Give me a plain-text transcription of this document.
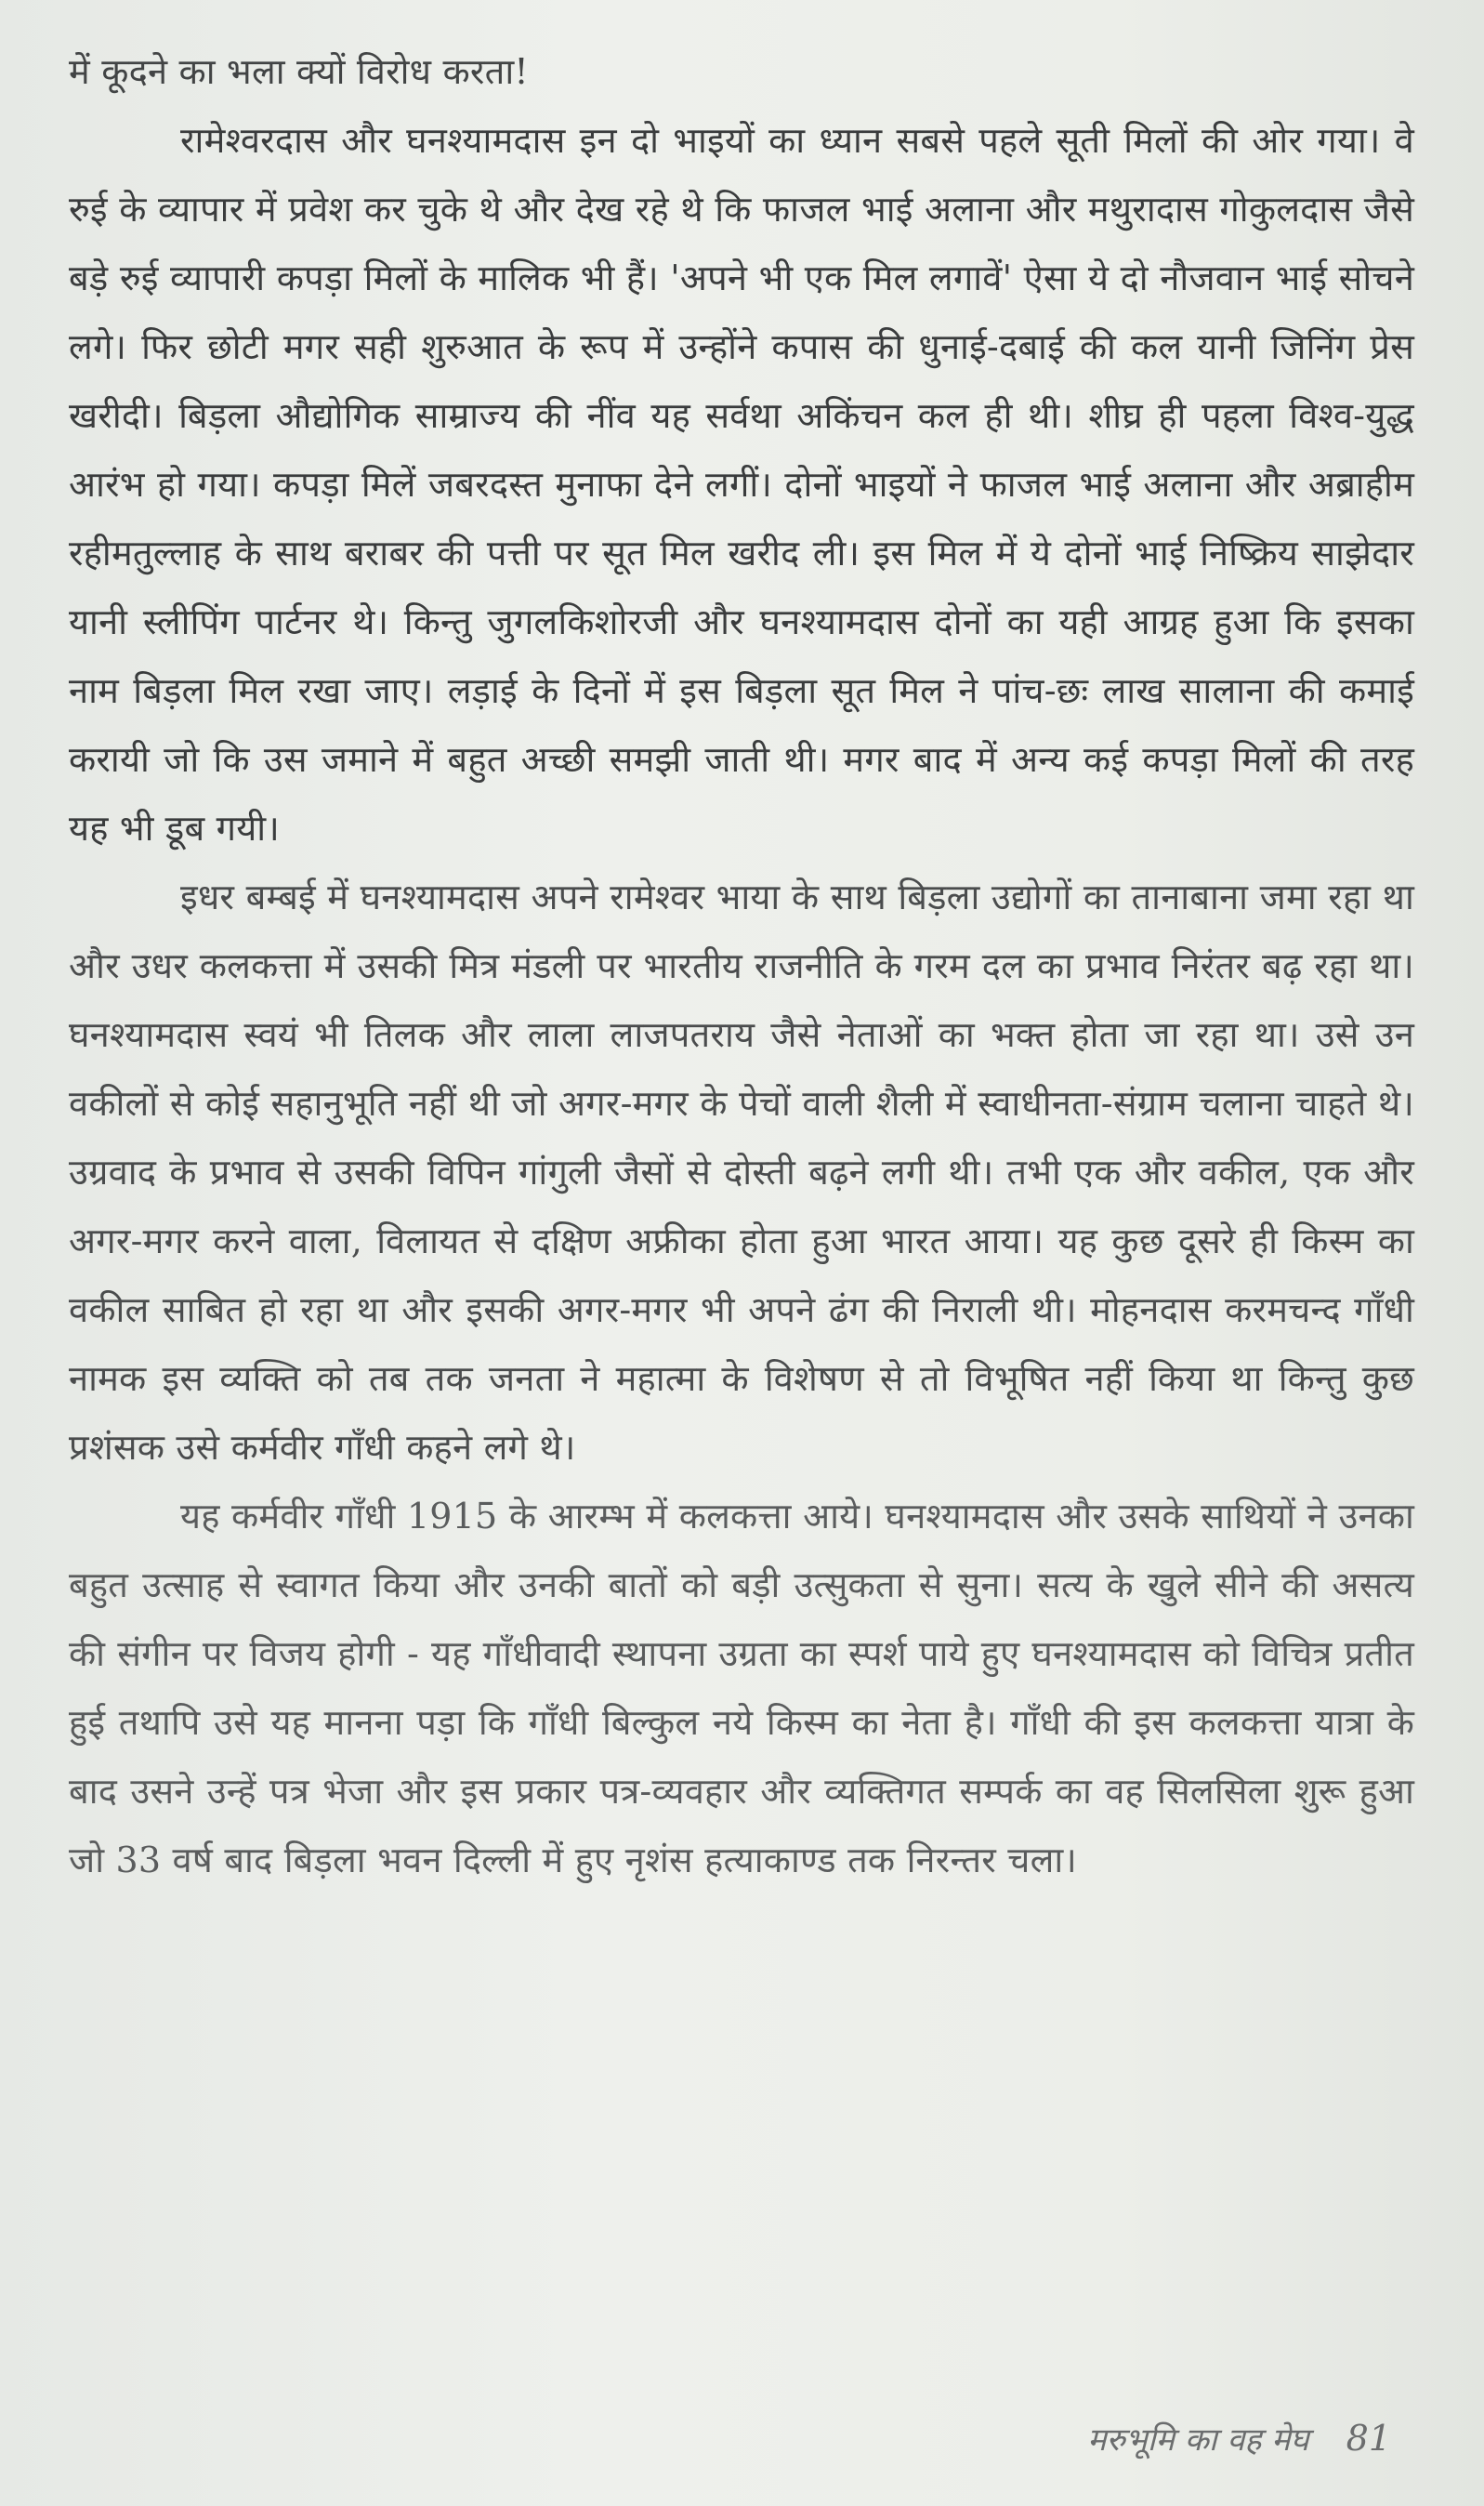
में कूदने का भला क्यों विरोध करता!

रामेश्वरदास और घनश्यामदास इन दो भाइयों का ध्यान सबसे पहले सूती मिलों की ओर गया। वे रुई के व्यापार में प्रवेश कर चुके थे और देख रहे थे कि फाजल भाई अलाना और मथुरादास गोकुलदास जैसे बड़े रुई व्यापारी कपड़ा मिलों के मालिक भी हैं। 'अपने भी एक मिल लगावें' ऐसा ये दो नौजवान भाई सोचने लगे। फिर छोटी मगर सही शुरुआत के रूप में उन्होंने कपास की धुनाई-दबाई की कल यानी जिनिंग प्रेस खरीदी। बिड़ला औद्योगिक साम्राज्य की नींव यह सर्वथा अकिंचन कल ही थी। शीघ्र ही पहला विश्व-युद्ध आरंभ हो गया। कपड़ा मिलें जबरदस्त मुनाफा देने लगीं। दोनों भाइयों ने फाजल भाई अलाना और अब्राहीम रहीमतुल्लाह के साथ बराबर की पत्ती पर सूत मिल खरीद ली। इस मिल में ये दोनों भाई निष्क्रिय साझेदार यानी स्लीपिंग पार्टनर थे। किन्तु जुगलकिशोरजी और घनश्यामदास दोनों का यही आग्रह हुआ कि इसका नाम बिड़ला मिल रखा जाए। लड़ाई के दिनों में इस बिड़ला सूत मिल ने पांच-छः लाख सालाना की कमाई करायी जो कि उस जमाने में बहुत अच्छी समझी जाती थी। मगर बाद में अन्य कई कपड़ा मिलों की तरह यह भी डूब गयी।

इधर बम्बई में घनश्यामदास अपने रामेश्वर भाया के साथ बिड़ला उद्योगों का तानाबाना जमा रहा था और उधर कलकत्ता में उसकी मित्र मंडली पर भारतीय राजनीति के गरम दल का प्रभाव निरंतर बढ़ रहा था। घनश्यामदास स्वयं भी तिलक और लाला लाजपतराय जैसे नेताओं का भक्त होता जा रहा था। उसे उन वकीलों से कोई सहानुभूति नहीं थी जो अगर-मगर के पेचों वाली शैली में स्वाधीनता-संग्राम चलाना चाहते थे। उग्रवाद के प्रभाव से उसकी विपिन गांगुली जैसों से दोस्ती बढ़ने लगी थी। तभी एक और वकील, एक और अगर-मगर करने वाला, विलायत से दक्षिण अफ्रीका होता हुआ भारत आया। यह कुछ दूसरे ही किस्म का वकील साबित हो रहा था और इसकी अगर-मगर भी अपने ढंग की निराली थी। मोहनदास करमचन्द गाँधी नामक इस व्यक्ति को तब तक जनता ने महात्मा के विशेषण से तो विभूषित नहीं किया था किन्तु कुछ प्रशंसक उसे कर्मवीर गाँधी कहने लगे थे।

यह कर्मवीर गाँधी 1915 के आरम्भ में कलकत्ता आये। घनश्यामदास और उसके साथियों ने उनका बहुत उत्साह से स्वागत किया और उनकी बातों को बड़ी उत्सुकता से सुना। सत्य के खुले सीने की असत्य की संगीन पर विजय होगी - यह गाँधीवादी स्थापना उग्रता का स्पर्श पाये हुए घनश्यामदास को विचित्र प्रतीत हुई तथापि उसे यह मानना पड़ा कि गाँधी बिल्कुल नये किस्म का नेता है। गाँधी की इस कलकत्ता यात्रा के बाद उसने उन्हें पत्र भेजा और इस प्रकार पत्र-व्यवहार और व्यक्तिगत सम्पर्क का वह सिलसिला शुरू हुआ जो 33 वर्ष बाद बिड़ला भवन दिल्ली में हुए नृशंस हत्याकाण्ड तक निरन्तर चला।

मरुभूमि का वह मेघ 81
